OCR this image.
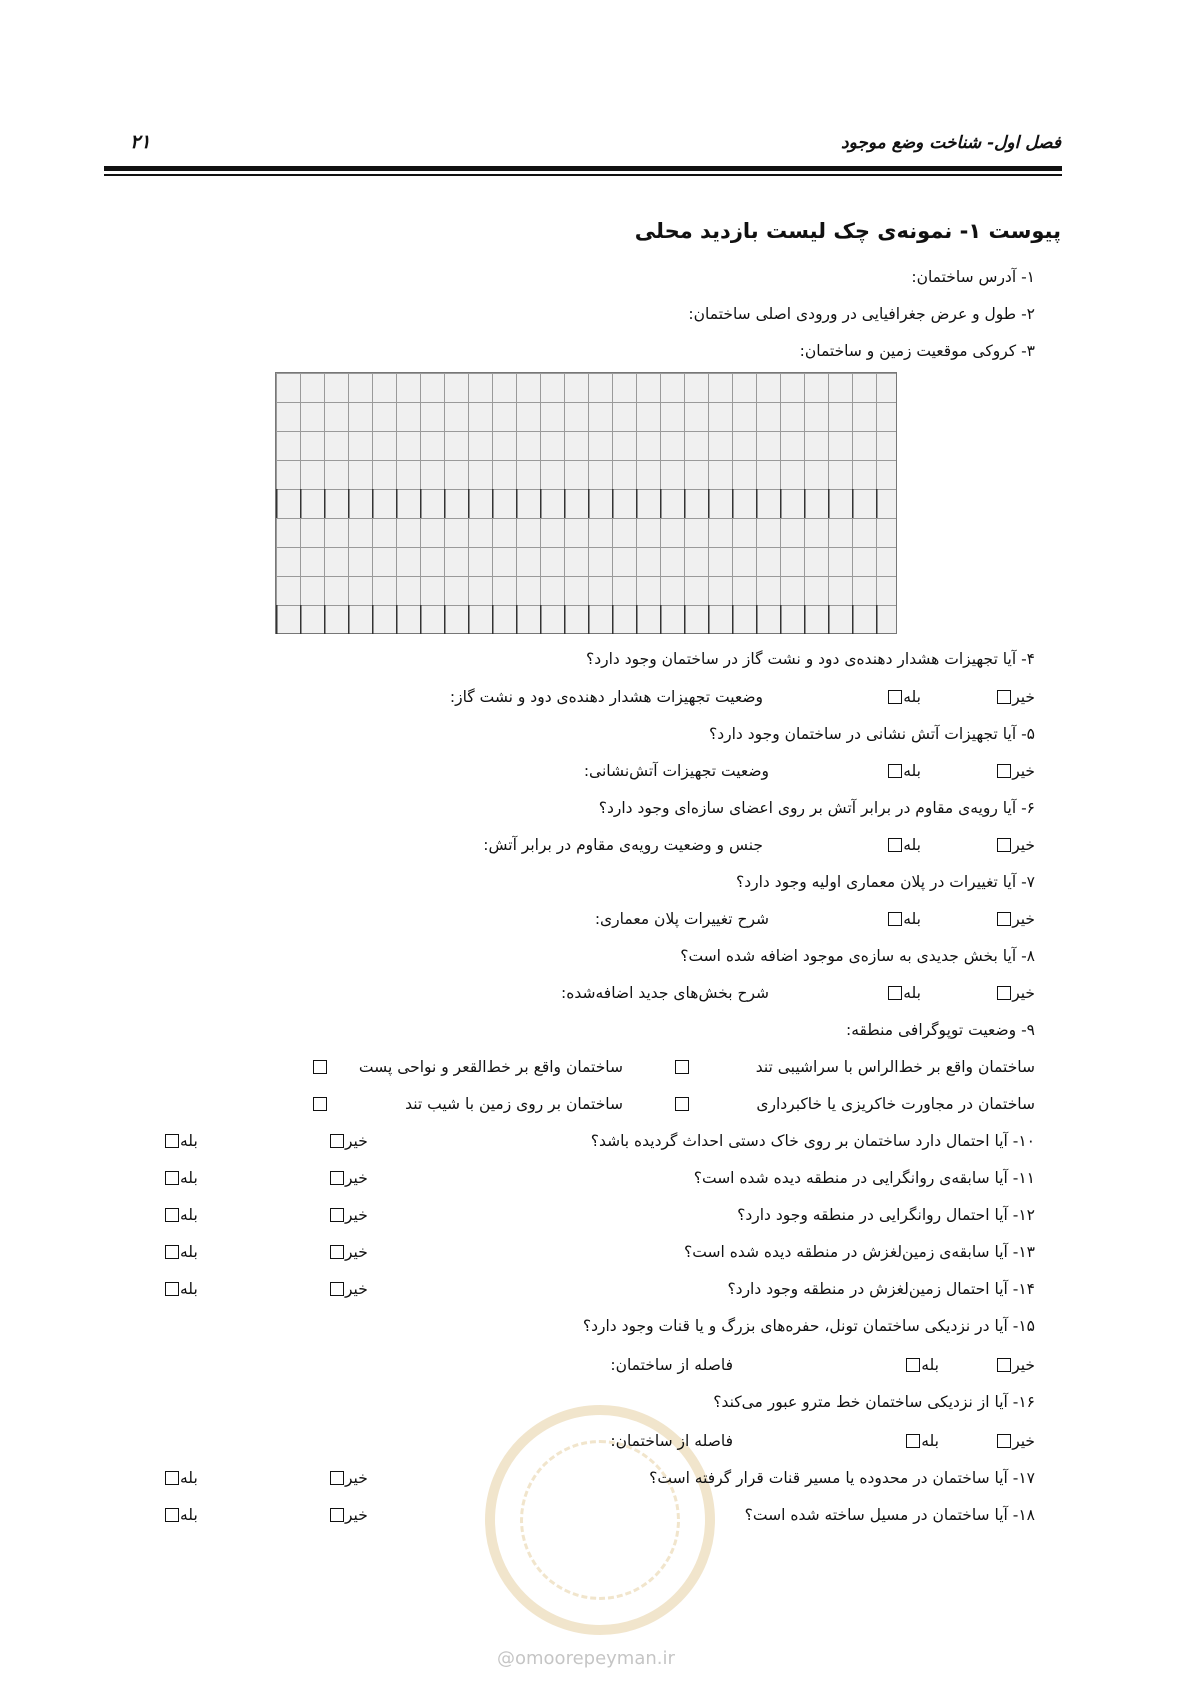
فصل اول- شناخت وضع موجود
۲۱
پیوست ۱- نمونه‌ی چک لیست بازدید محلی
۱- آدرس ساختمان:
۲- طول و عرض جغرافیایی در ورودی اصلی ساختمان:
۳- کروکی موقعیت زمین و ساختمان:
۴- آیا تجهیزات هشدار دهنده‌ی دود و نشت گاز در ساختمان وجود دارد؟
خیر
بله
وضعیت تجهیزات هشدار دهنده‌ی دود و نشت گاز:
۵- آیا تجهیزات آتش نشانی در ساختمان وجود دارد؟
خیر
بله
وضعیت تجهیزات آتش‌نشانی:
۶- آیا رویه‌ی مقاوم در برابر آتش بر روی اعضای سازه‌ای وجود دارد؟
خیر
بله
جنس و وضعیت رویه‌ی مقاوم در برابر آتش:
۷- آیا تغییرات در پلان معماری اولیه وجود دارد؟
خیر
بله
شرح تغییرات پلان معماری:
۸- آیا بخش جدیدی به سازه‌ی موجود اضافه شده است؟
خیر
بله
شرح بخش‌های جدید اضافه‌شده:
۹- وضعیت توپوگرافی منطقه:
ساختمان واقع بر خط‌الراس با سراشیبی تند
ساختمان واقع بر خط‌القعر و نواحی پست
ساختمان در مجاورت خاکریزی یا خاکبرداری
ساختمان بر روی زمین با شیب تند
۱۰- آیا احتمال دارد ساختمان بر روی خاک دستی احداث گردیده باشد؟
خیر
بله
۱۱- آیا سابقه‌ی روانگرایی در منطقه دیده شده است؟
خیر
بله
۱۲- آیا احتمال روانگرایی در منطقه وجود دارد؟
خیر
بله
۱۳- آیا سابقه‌ی زمین‌لغزش در منطقه دیده شده است؟
خیر
بله
۱۴- آیا احتمال زمین‌لغزش در منطقه وجود دارد؟
خیر
بله
۱۵- آیا در نزدیکی ساختمان تونل، حفره‌های بزرگ و یا قنات وجود دارد؟
خیر
بله
فاصله از ساختمان:
۱۶- آیا از نزدیکی ساختمان خط مترو عبور می‌کند؟
خیر
بله
فاصله از ساختمان:
۱۷- آیا ساختمان در محدوده یا مسیر قنات قرار گرفته است؟
خیر
بله
۱۸- آیا ساختمان در مسیل ساخته شده است؟
خیر
بله
@omoorepeyman.ir
